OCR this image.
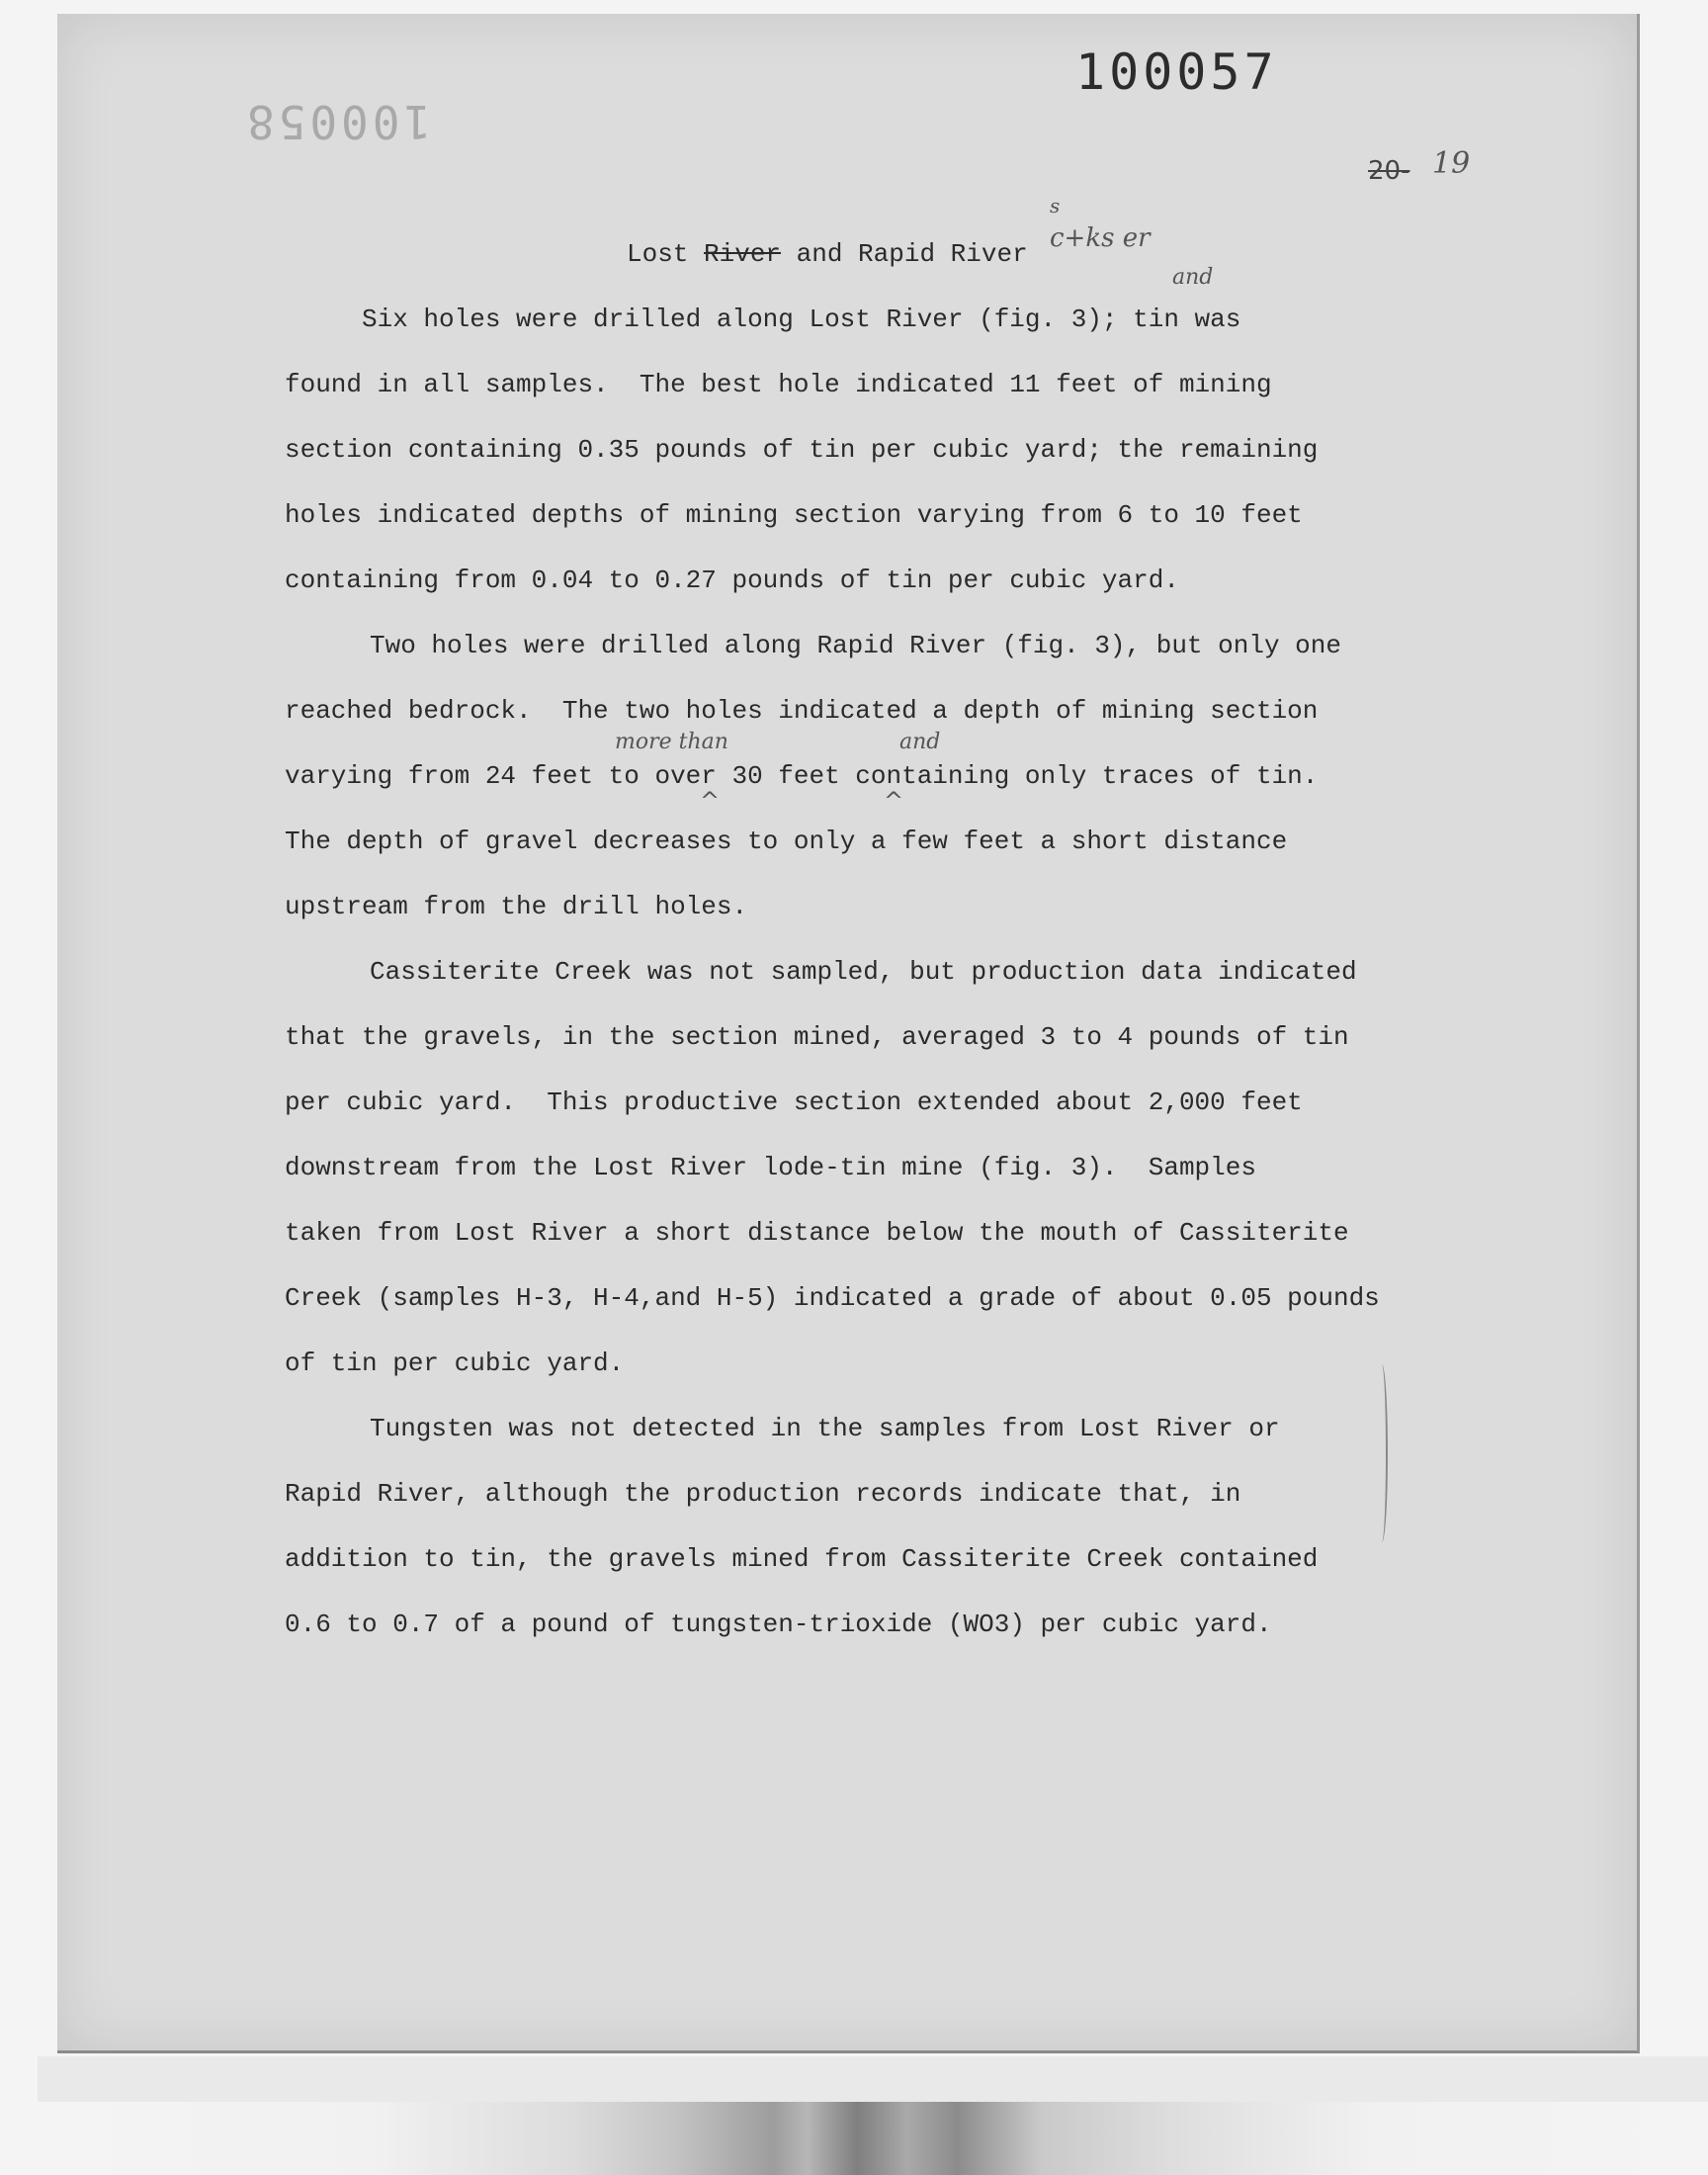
100057

100058

20- 19

Lost River and Rapid River

c+ks er

s

Six holes were drilled along Lost River (fig. 3); tin was

and

found in all samples.  The best hole indicated 11 feet of mining

section containing 0.35 pounds of tin per cubic yard; the remaining

holes indicated depths of mining section varying from 6 to 10 feet

containing from 0.04 to 0.27 pounds of tin per cubic yard.

Two holes were drilled along Rapid River (fig. 3), but only one

reached bedrock.  The two holes indicated a depth of mining section

more than	and

varying from 24 feet to over 30 feet containing only traces of tin.

^	^

The depth of gravel decreases to only a few feet a short distance

upstream from the drill holes.

Cassiterite Creek was not sampled, but production data indicated

that the gravels, in the section mined, averaged 3 to 4 pounds of tin

per cubic yard.  This productive section extended about 2,000 feet

downstream from the Lost River lode-tin mine (fig. 3).  Samples

taken from Lost River a short distance below the mouth of Cassiterite

Creek (samples H-3, H-4,and H-5) indicated a grade of about 0.05 pounds

of tin per cubic yard.

Tungsten was not detected in the samples from Lost River or

Rapid River, although the production records indicate that, in

addition to tin, the gravels mined from Cassiterite Creek contained

0.6 to 0.7 of a pound of tungsten-trioxide (WO3) per cubic yard.
